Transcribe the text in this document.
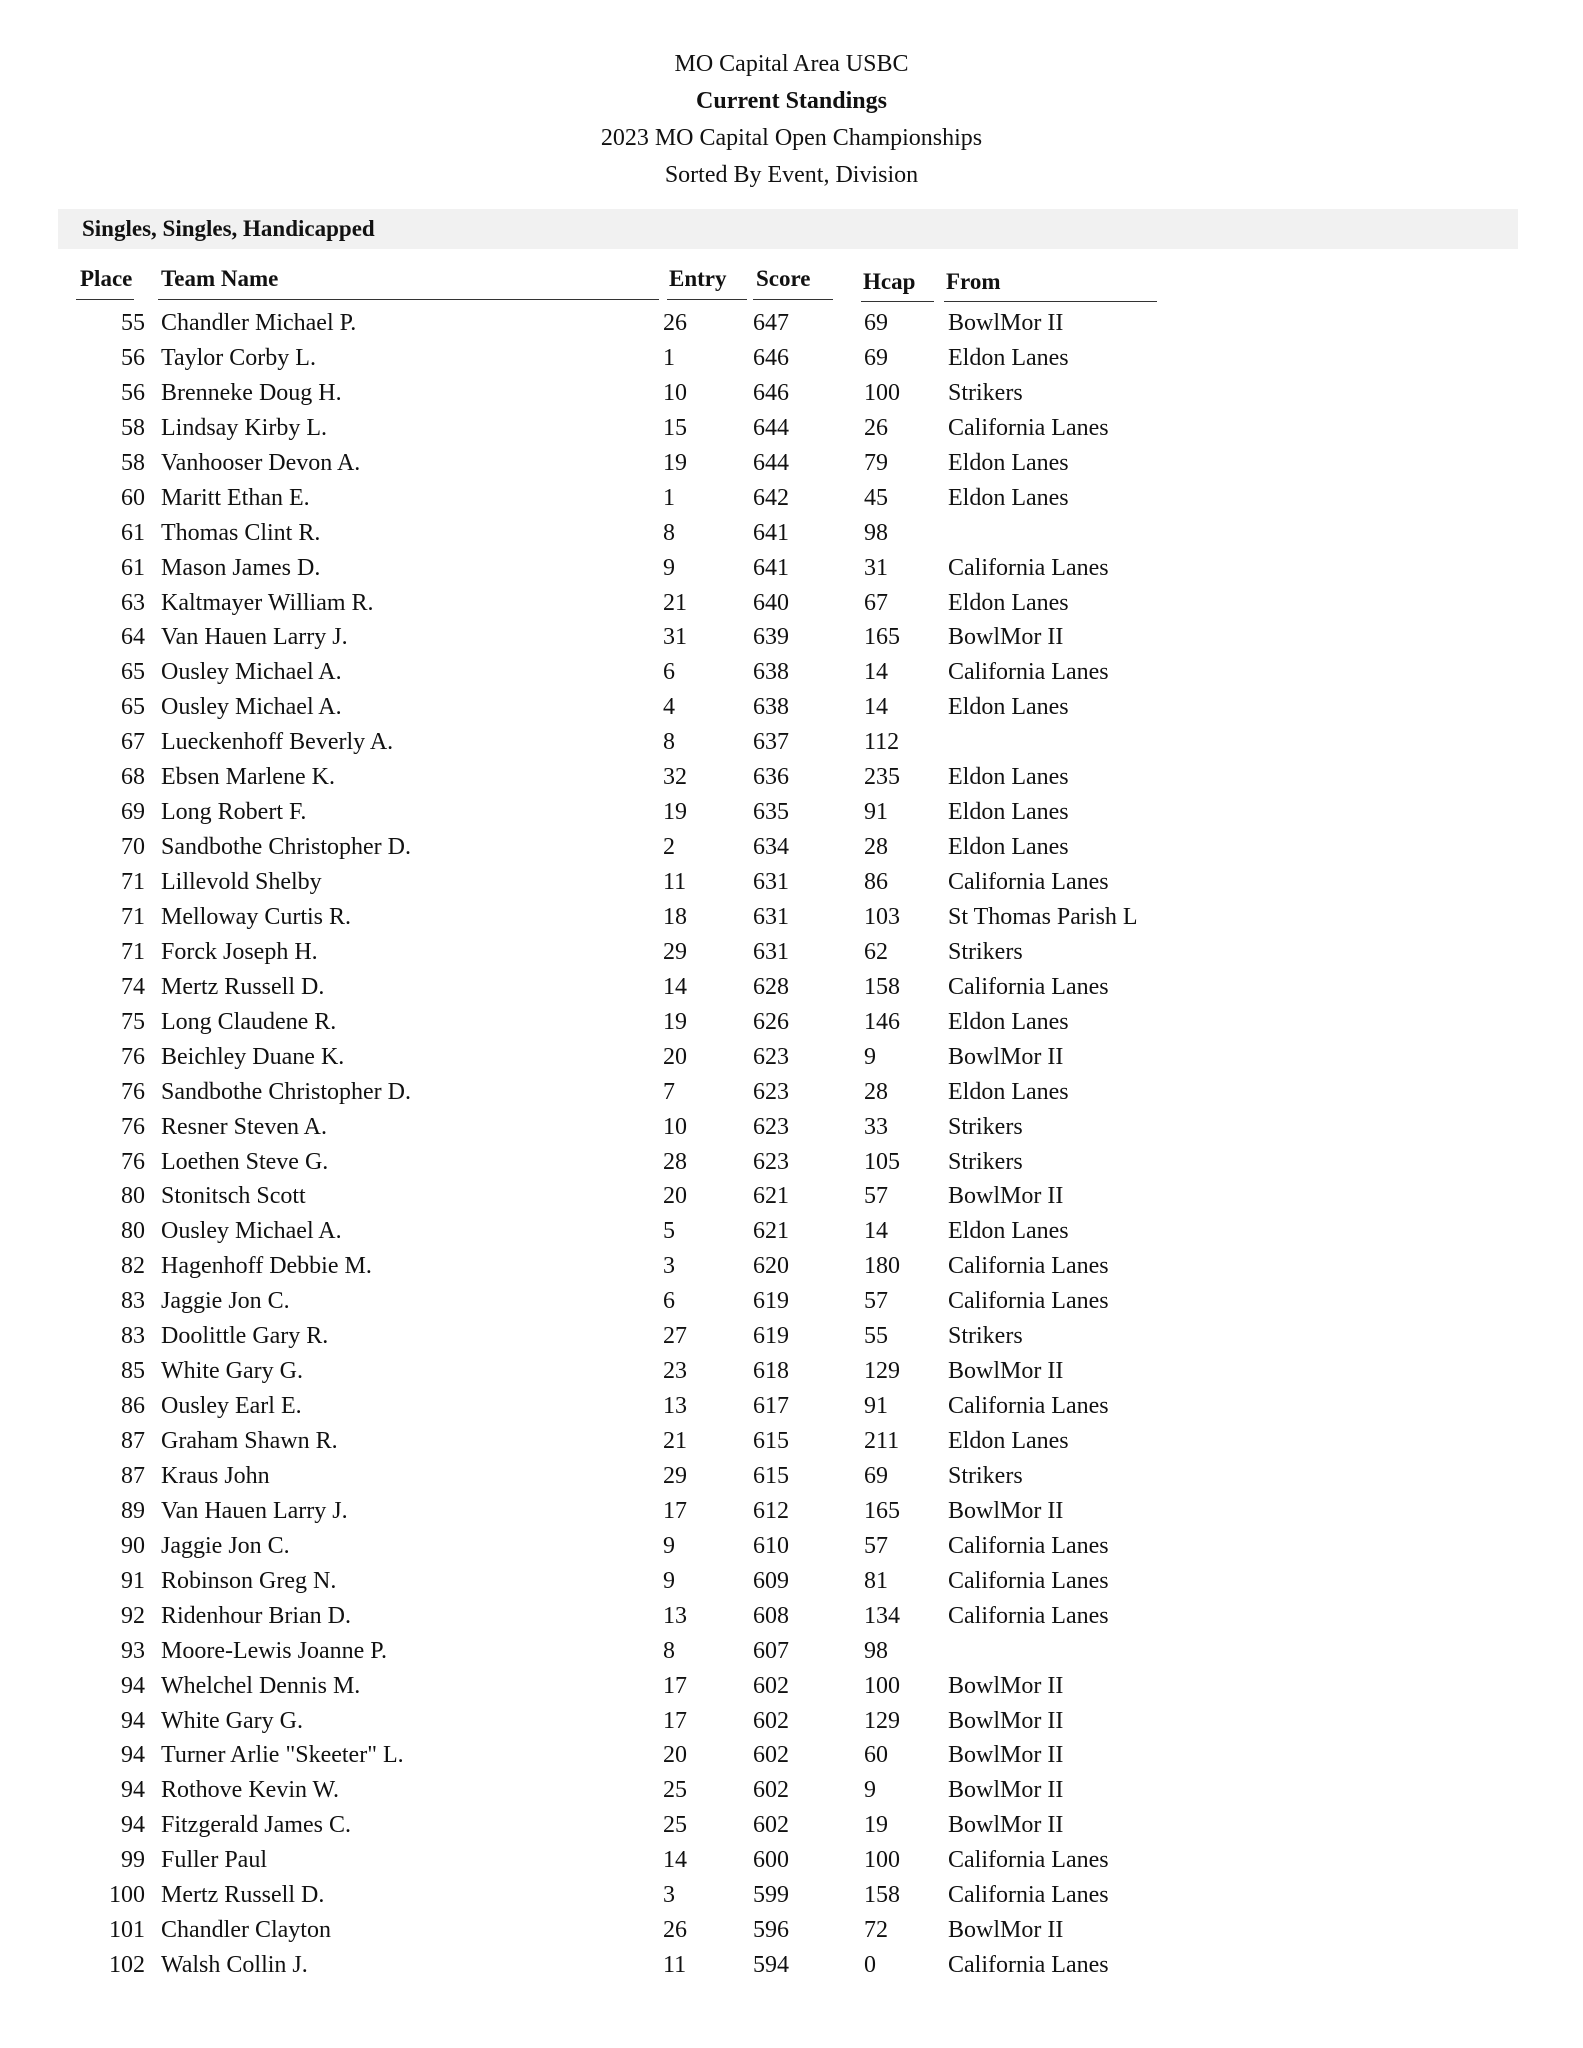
MO Capital Area USBC
Current Standings
2023 MO Capital Open Championships
Sorted By Event, Division
Singles, Singles, Handicapped
Place Team Name	Entry Score Hcap From
55 Chandler Michael P.	26	647	69	BowlMor II
56 Taylor Corby L.	1	646	69	Eldon Lanes
56 Brenneke Doug H.	10	646	100 Strikers
58 Lindsay Kirby L.	15	644	26	California Lanes
58 Vanhooser Devon A.	19	644	79	Eldon Lanes
60 Maritt Ethan E.	1	642	45	Eldon Lanes
61 Thomas Clint R.	8	641	98
61 Mason James D.	9	641	31	California Lanes
63 Kaltmayer William R.	21	640	67	Eldon Lanes
64 Van Hauen Larry J.	31	639	165 BowlMor II
65 Ousley Michael A.	6	638	14	California Lanes
65 Ousley Michael A.	4	638	14	Eldon Lanes
67 Lueckenhoff Beverly A.	8	637	112
68 Ebsen Marlene K.	32	636	235 Eldon Lanes
69 Long Robert F.	19	635	91	Eldon Lanes
70 Sandbothe Christopher D.	2	634	28	Eldon Lanes
71 Lillevold Shelby	11	631	86	California Lanes
71 Melloway Curtis R.	18	631	103 St Thomas Parish L
71 Forck Joseph H.	29	631	62	Strikers
74 Mertz Russell D.	14	628	158 California Lanes
75 Long Claudene R.	19	626	146 Eldon Lanes
76 Beichley Duane K.	20	623	9	BowlMor II
76 Sandbothe Christopher D.	7	623	28	Eldon Lanes
76 Resner Steven A.	10	623	33	Strikers
76 Loethen Steve G.	28	623	105 Strikers
80 Stonitsch Scott	20	621	57	BowlMor II
80 Ousley Michael A.	5	621	14	Eldon Lanes
82 Hagenhoff Debbie M.	3	620	180 California Lanes
83 Jaggie Jon C.	6	619	57	California Lanes
83 Doolittle Gary R.	27	619	55	Strikers
85 White Gary G.	23	618	129 BowlMor II
86 Ousley Earl E.	13	617	91	California Lanes
87 Graham Shawn R.	21	615	211 Eldon Lanes
87 Kraus John	29	615	69	Strikers
89 Van Hauen Larry J.	17	612	165 BowlMor II
90 Jaggie Jon C.	9	610	57	California Lanes
91 Robinson Greg N.	9	609	81	California Lanes
92 Ridenhour Brian D.	13	608	134 California Lanes
93 Moore-Lewis Joanne P.	8	607	98
94 Whelchel Dennis M.	17	602	100 BowlMor II
94 White Gary G.	17	602	129 BowlMor II
94 Turner Arlie "Skeeter" L.	20	602	60	BowlMor II
94 Rothove Kevin W.	25	602	9	BowlMor II
94 Fitzgerald James C.	25	602	19	BowlMor II
99 Fuller Paul	14	600	100 California Lanes
100 Mertz Russell D.	3	599	158 California Lanes
101 Chandler Clayton	26	596	72	BowlMor II
102 Walsh Collin J.	11	594	0	California Lanes
